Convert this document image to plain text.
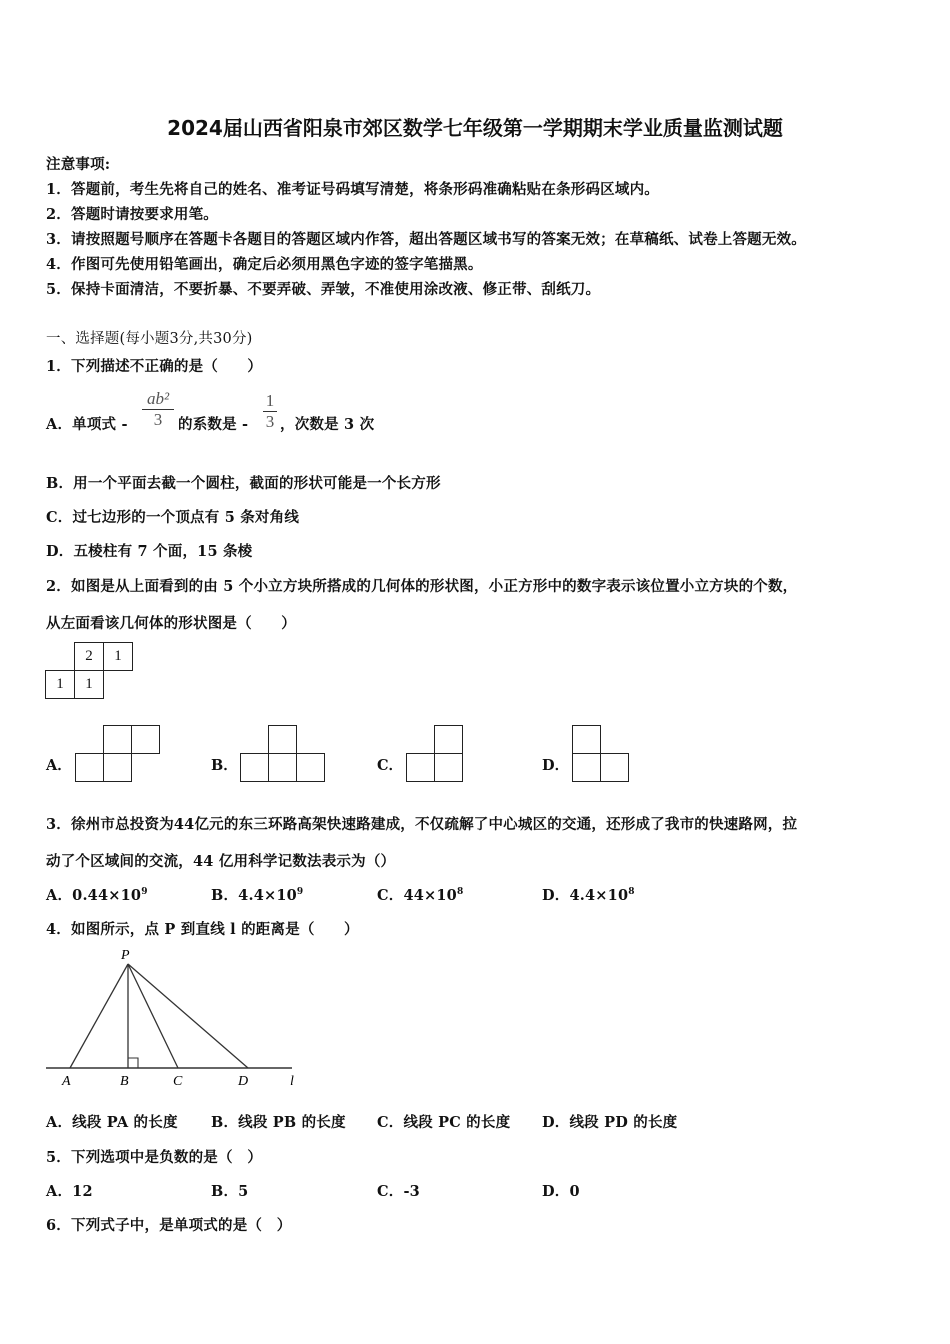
2024届山西省阳泉市郊区数学七年级第一学期期末学业质量监测试题
注意事项:
1．答题前，考生先将自己的姓名、准考证号码填写清楚，将条形码准确粘贴在条形码区域内。
2．答题时请按要求用笔。
3．请按照题号顺序在答题卡各题目的答题区域内作答，超出答题区域书写的答案无效；在草稿纸、试卷上答题无效。
4．作图可先使用铅笔画出，确定后必须用黑色字迹的签字笔描黑。
5．保持卡面清洁，不要折暴、不要弄破、弄皱，不准使用涂改液、修正带、刮纸刀。
一、选择题(每小题3分,共30分)
1．下列描述不正确的是（　　）
A．单项式 -
ab²
3	的系数是 -
1
3 ，次数是 3 次
B．用一个平面去截一个圆柱，截面的形状可能是一个长方形
C．过七边形的一个顶点有 5 条对角线
D．五棱柱有 7 个面，15 条棱
2．如图是从上面看到的由 5 个小立方块所搭成的几何体的形状图，小正方形中的数字表示该位置小立方块的个数，
从左面看该几何体的形状图是（　　）
2	1
1	1
A．	B．	C．	D．
3．徐州市总投资为44亿元的东三环路高架快速路建成，不仅疏解了中心城区的交通，还形成了我市的快速路网，拉
动了个区域间的交流，44 亿用科学记数法表示为（）
A．$0.44\times 10^9$	B．$4.4\times 10^9$	C．$44\times 10^8$	D．$4.4\times 10^8$
4．如图所示，点 P 到直线 l 的距离是（　　）
P
A	B	C	D	l
A．线段 PA 的长度 B．线段 PB 的长度 C．线段 PC 的长度 D．线段 PD 的长度
5．下列选项中是负数的是（　）
A．12	B．5	C．-3	D．0
6．下列式子中，是单项式的是（　）
